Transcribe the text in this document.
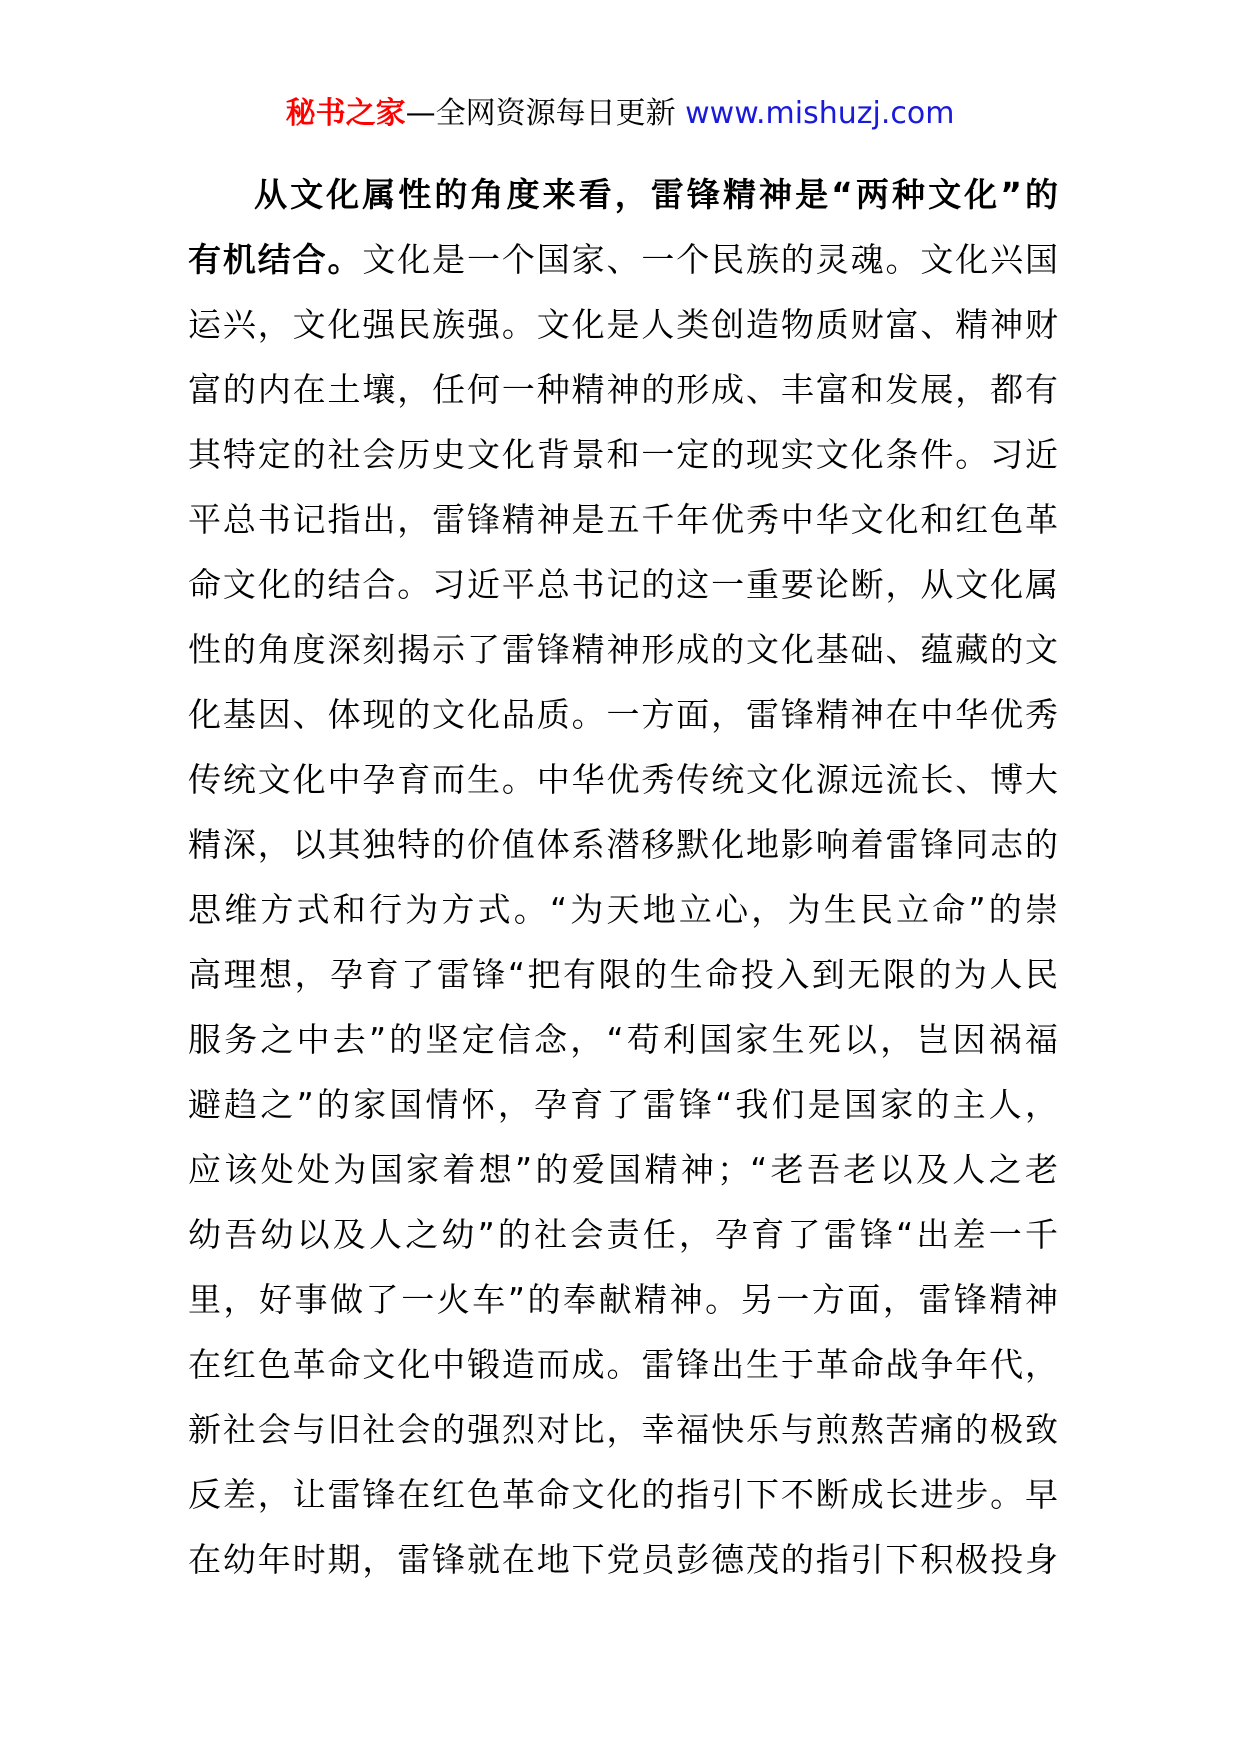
秘书之家—全网资源每日更新 www.mishuzj.com
从文化属性的角度来看，雷锋精神是“两种文化”的
有机结合。文化是一个国家、一个民族的灵魂。文化兴国
运兴，文化强民族强。文化是人类创造物质财富、精神财
富的内在土壤，任何一种精神的形成、丰富和发展，都有
其特定的社会历史文化背景和一定的现实文化条件。习近
平总书记指出，雷锋精神是五千年优秀中华文化和红色革
命文化的结合。习近平总书记的这一重要论断，从文化属
性的角度深刻揭示了雷锋精神形成的文化基础、蕴藏的文
化基因、体现的文化品质。一方面，雷锋精神在中华优秀
传统文化中孕育而生。中华优秀传统文化源远流长、博大
精深，以其独特的价值体系潜移默化地影响着雷锋同志的
思维方式和行为方式。“为天地立心，为生民立命”的崇
高理想，孕育了雷锋“把有限的生命投入到无限的为人民
服务之中去”的坚定信念，“苟利国家生死以，岂因祸福
避趋之”的家国情怀，孕育了雷锋“我们是国家的主人，
应该处处为国家着想”的爱国精神；“老吾老以及人之老
幼吾幼以及人之幼”的社会责任，孕育了雷锋“出差一千
里，好事做了一火车”的奉献精神。另一方面，雷锋精神
在红色革命文化中锻造而成。雷锋出生于革命战争年代，
新社会与旧社会的强烈对比，幸福快乐与煎熬苦痛的极致
反差，让雷锋在红色革命文化的指引下不断成长进步。早
在幼年时期，雷锋就在地下党员彭德茂的指引下积极投身
